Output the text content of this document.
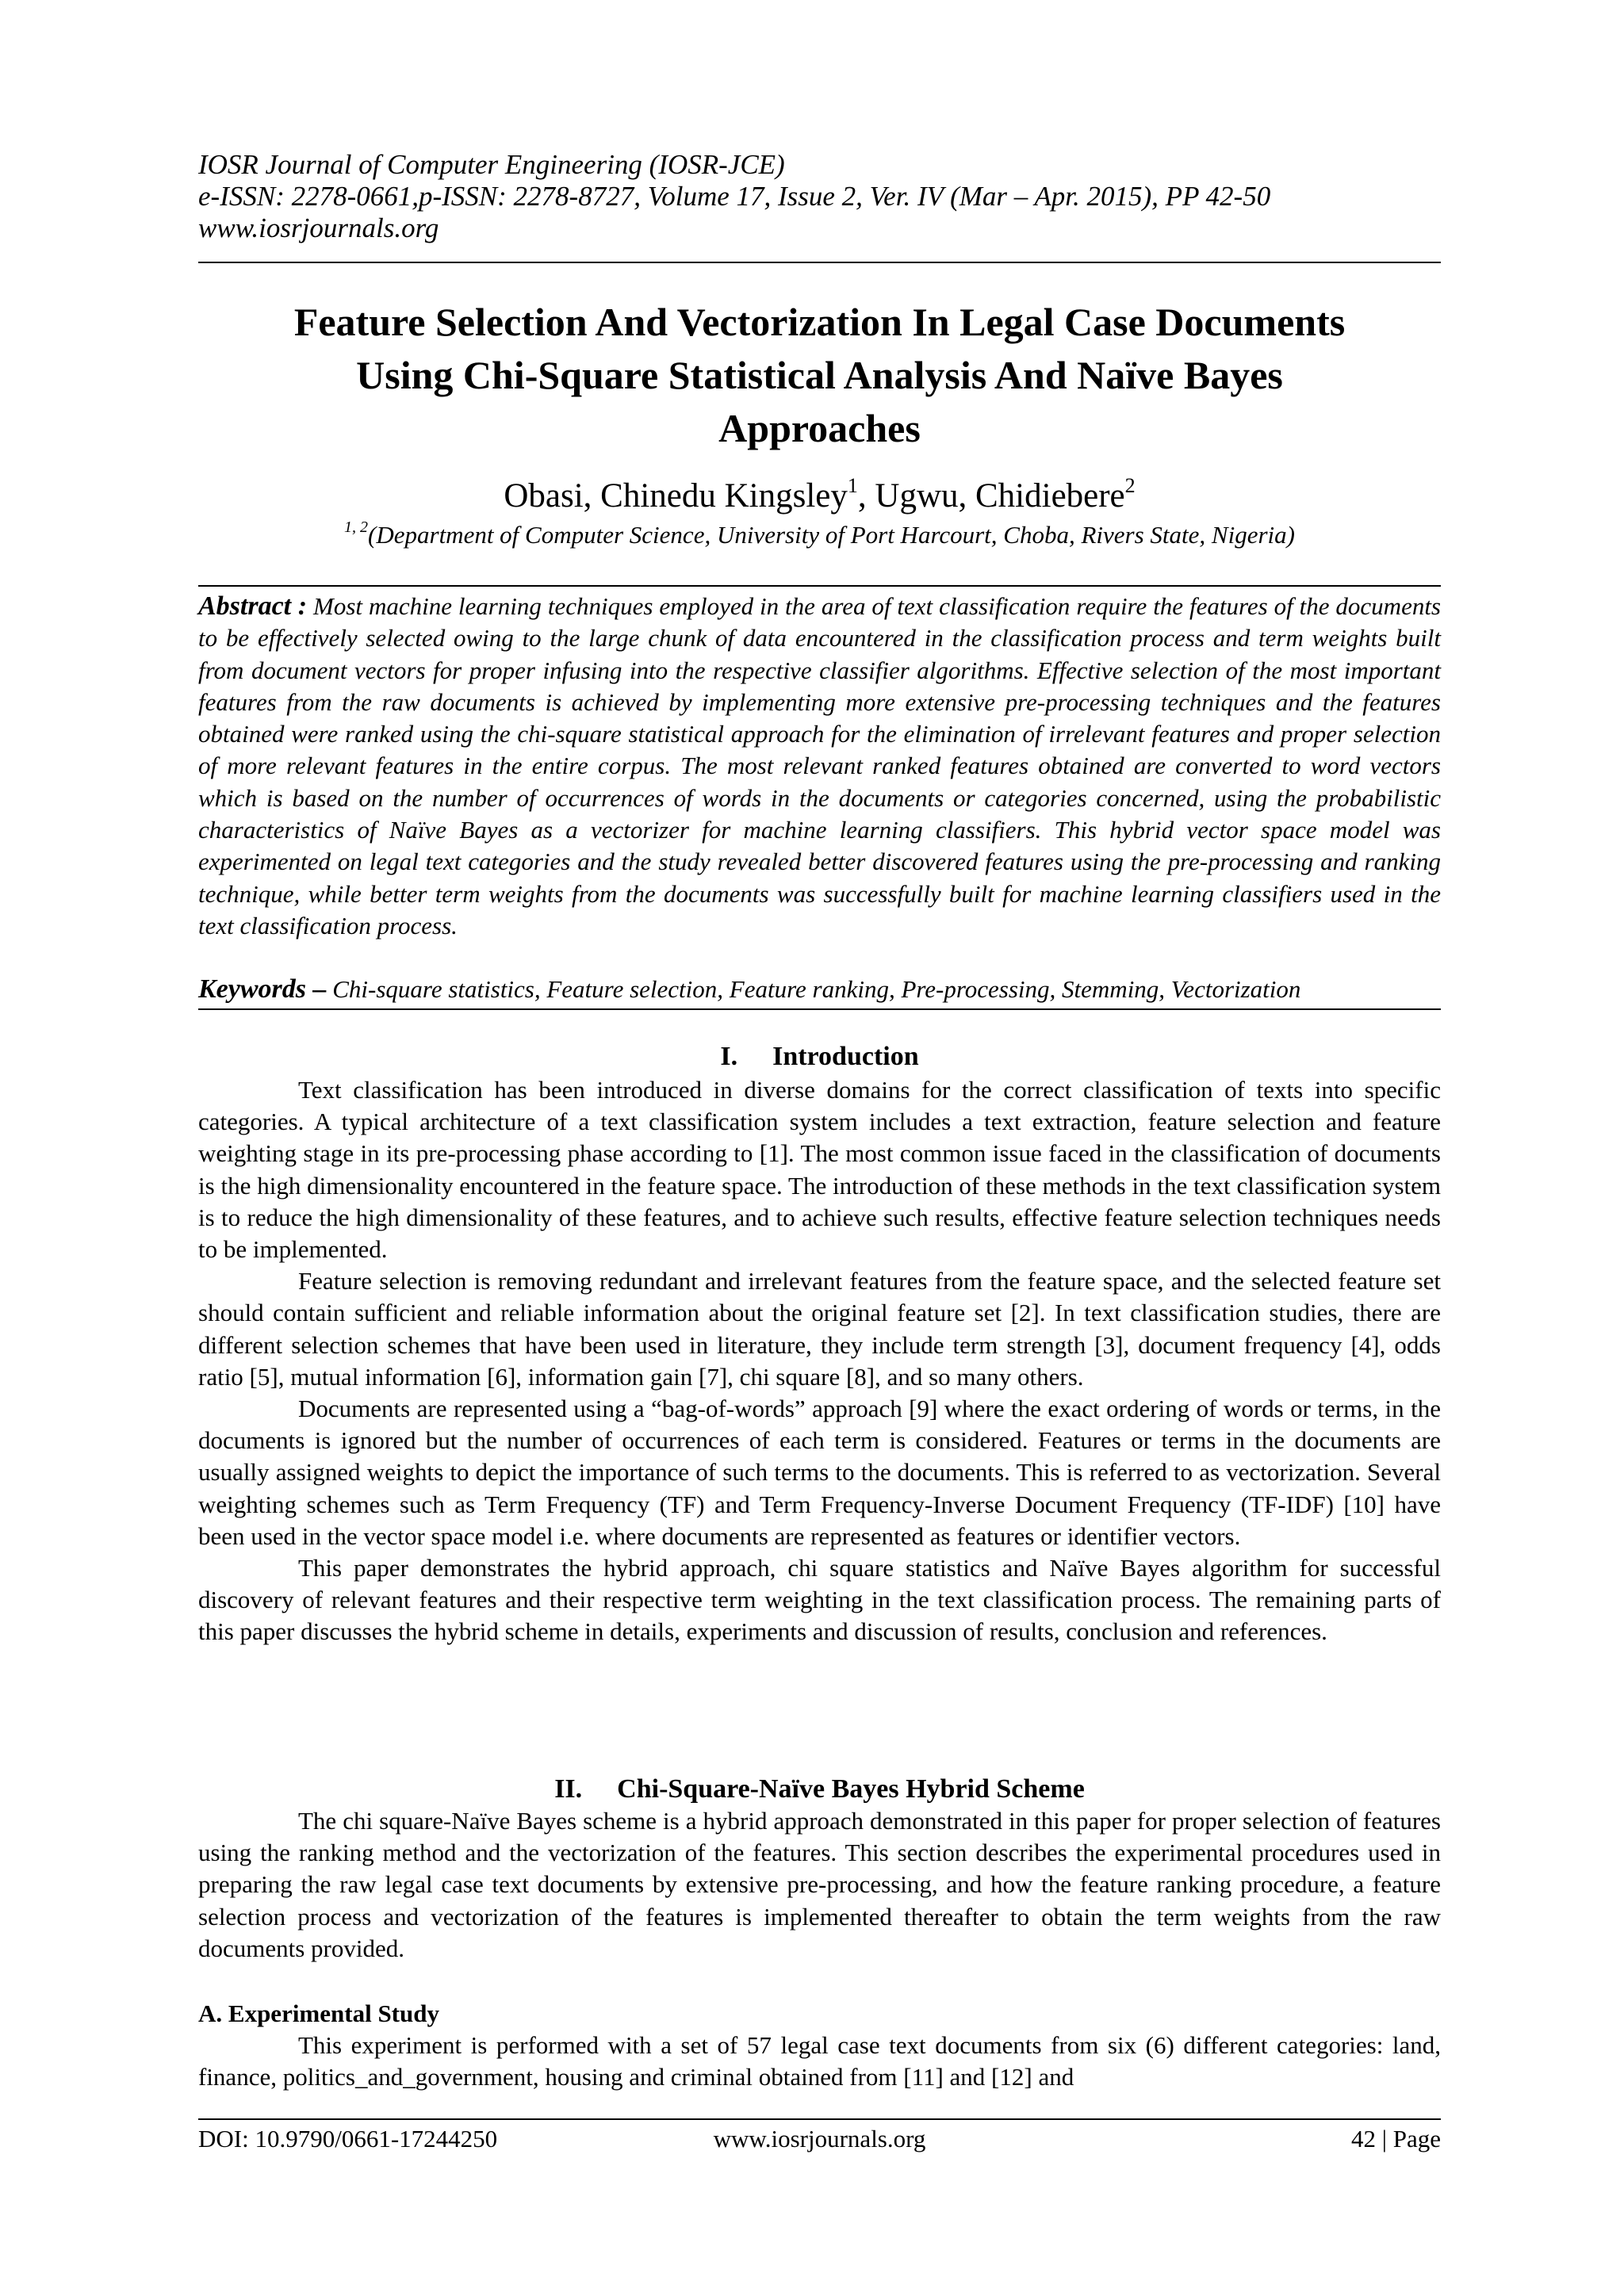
IOSR Journal of Computer Engineering (IOSR-JCE)
e-ISSN: 2278-0661,p-ISSN: 2278-8727, Volume 17, Issue 2, Ver. IV (Mar – Apr. 2015), PP 42-50
www.iosrjournals.org
Feature Selection And Vectorization In Legal Case Documents
Using Chi-Square Statistical Analysis And Naïve Bayes
Approaches
Obasi, Chinedu Kingsley$^1$, Ugwu, Chidiebere$^2$
$^{1, 2}$(Department of Computer Science, University of Port Harcourt, Choba, Rivers State, Nigeria)
Abstract : Most machine learning techniques employed in the area of text classification require the features of the documents to be effectively selected owing to the large chunk of data encountered in the classification process and term weights built from document vectors for proper infusing into the respective classifier algorithms. Effective selection of the most important features from the raw documents is achieved by implementing more extensive pre-processing techniques and the features obtained were ranked using the chi-square statistical approach for the elimination of irrelevant features and proper selection of more relevant features in the entire corpus. The most relevant ranked features obtained are converted to word vectors which is based on the number of occurrences of words in the documents or categories concerned, using the probabilistic characteristics of Naïve Bayes as a vectorizer for machine learning classifiers. This hybrid vector space model was experimented on legal text categories and the study revealed better discovered features using the pre-processing and ranking technique, while better term weights from the documents was successfully built for machine learning classifiers used in the text classification process.
Keywords – Chi-square statistics, Feature selection, Feature ranking, Pre-processing, Stemming, Vectorization
I. Introduction

Text classification has been introduced in diverse domains for the correct classification of texts into specific categories. A typical architecture of a text classification system includes a text extraction, feature selection and feature weighting stage in its pre-processing phase according to [1]. The most common issue faced in the classification of documents is the high dimensionality encountered in the feature space. The introduction of these methods in the text classification system is to reduce the high dimensionality of these features, and to achieve such results, effective feature selection techniques needs to be implemented.

Feature selection is removing redundant and irrelevant features from the feature space, and the selected feature set should contain sufficient and reliable information about the original feature set [2]. In text classification studies, there are different selection schemes that have been used in literature, they include term strength [3], document frequency [4], odds ratio [5], mutual information [6], information gain [7], chi square [8], and so many others.

Documents are represented using a “bag-of-words” approach [9] where the exact ordering of words or terms, in the documents is ignored but the number of occurrences of each term is considered. Features or terms in the documents are usually assigned weights to depict the importance of such terms to the documents. This is referred to as vectorization. Several weighting schemes such as Term Frequency (TF) and Term Frequency-Inverse Document Frequency (TF-IDF) [10] have been used in the vector space model i.e. where documents are represented as features or identifier vectors.

This paper demonstrates the hybrid approach, chi square statistics and Naïve Bayes algorithm for successful discovery of relevant features and their respective term weighting in the text classification process. The remaining parts of this paper discusses the hybrid scheme in details, experiments and discussion of results, conclusion and references.

II. Chi-Square-Naïve Bayes Hybrid Scheme

The chi square-Naïve Bayes scheme is a hybrid approach demonstrated in this paper for proper selection of features using the ranking method and the vectorization of the features. This section describes the experimental procedures used in preparing the raw legal case text documents by extensive pre-processing, and how the feature ranking procedure, a feature selection process and vectorization of the features is implemented thereafter to obtain the term weights from the raw documents provided.

A. Experimental Study

This experiment is performed with a set of 57 legal case text documents from six (6) different categories: land, finance, politics_and_government, housing and criminal obtained from [11] and [12] and

www.iosrjournals.org
DOI: 10.9790/0661-17244250	42 | Page
